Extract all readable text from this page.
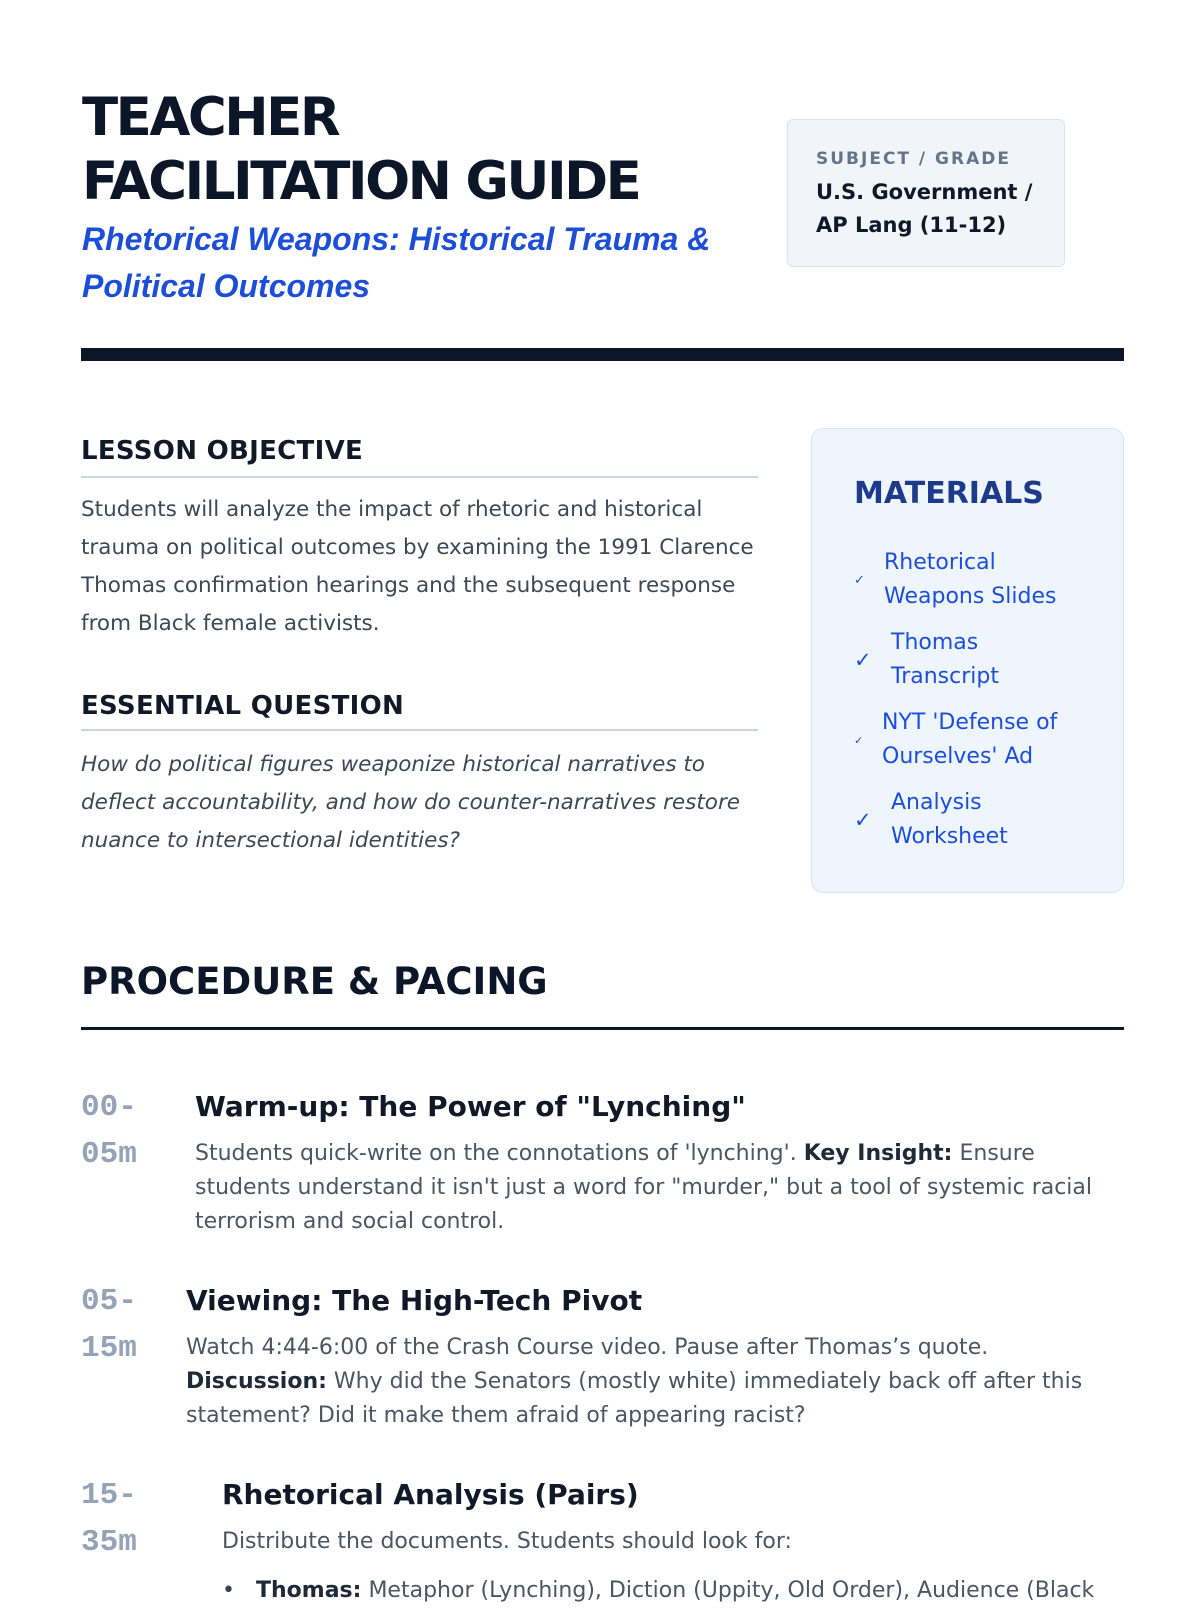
TEACHER
FACILITATION GUIDE

Rhetorical Weapons: Historical Trauma & Political Outcomes

SUBJECT / GRADE
U.S. Government / AP Lang (11-12)
LESSON OBJECTIVE

Students will analyze the impact of rhetoric and historical trauma on political outcomes by examining the 1991 Clarence Thomas confirmation hearings and the subsequent response from Black female activists.

ESSENTIAL QUESTION

How do political figures weaponize historical narratives to deflect accountability, and how do counter-narratives restore nuance to intersectional identities?

MATERIALS
✓
Rhetorical Weapons Slides
✓
Thomas Transcript
✓
NYT 'Defense of Ourselves' Ad
✓
Analysis Worksheet
PROCEDURE & PACING
00-
05m
Warm-up: The Power of "Lynching"

Students quick-write on the connotations of 'lynching'. Key Insight: Ensure students understand it isn't just a word for "murder," but a tool of systemic racial terrorism and social control.

05-
15m
Viewing: The High-Tech Pivot

Watch 4:44-6:00 of the Crash Course video. Pause after Thomas’s quote. Discussion: Why did the Senators (mostly white) immediately back off after this statement? Did it make them afraid of appearing racist?

15-
35m
Rhetorical Analysis (Pairs)

Distribute the documents. Students should look for:

• Thomas: Metaphor (Lynching), Diction (Uppity, Old Order), Audience (Black
